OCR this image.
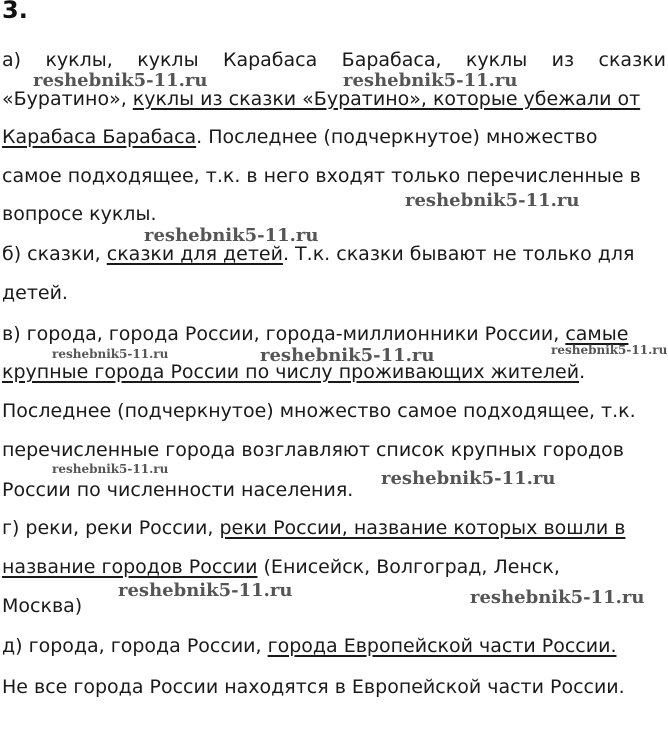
3.
а) куклы, куклы Карабаса Барабаса, куклы из сказки
«Буратино», куклы из сказки «Буратино», которые убежали от
Карабаса Барабаса. Последнее (подчеркнутое) множество
самое подходящее, т.к. в него входят только перечисленные в
вопросе куклы.
б) сказки, сказки для детей. Т.к. сказки бывают не только для
детей.
в) города, города России, города-миллионники России, самые
крупные города России по числу проживающих жителей.
Последнее (подчеркнутое) множество самое подходящее, т.к.
перечисленные города возглавляют список крупных городов
России по численности населения.
г) реки, реки России, реки России, название которых вошли в
название городов России (Енисейск, Волгоград, Ленск,
Москва)
д) города, города России, города Европейской части России.
Не все города России находятся в Европейской части России.
reshebnik5-11.ru	reshebnik5-11.ru
reshebnik5-11.ru
reshebnik5-11.ru
reshebnik5-11.ru	reshebnik5-11.ru	reshebnik5-11.ru
reshebnik5-11.ru	reshebnik5-11.ru
reshebnik5-11.ru	reshebnik5-11.ru
